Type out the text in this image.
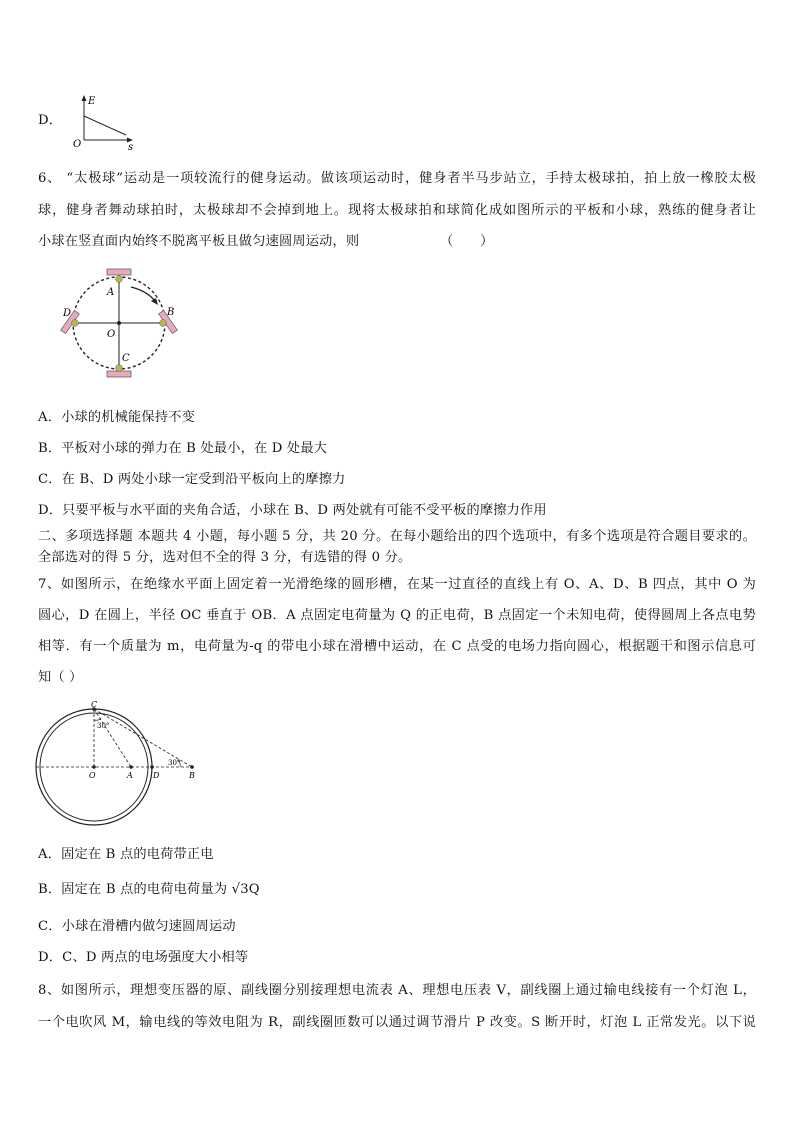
D．
E
s
O
6、 “太极球”运动是一项较流行的健身运动。做该项运动时，健身者半马步站立，手持太极球拍，拍上放一橡胶太极
球，健身者舞动球拍时，太极球却不会掉到地上。现将太极球拍和球简化成如图所示的平板和小球，熟练的健身者让
小球在竖直面内始终不脱离平板且做匀速圆周运动，则	（　　）
A
B
C
D
O
A．小球的机械能保持不变
B．平板对小球的弹力在 B 处最小，在 D 处最大
C．在 B、D 两处小球一定受到沿平板向上的摩擦力
D．只要平板与水平面的夹角合适，小球在 B、D 两处就有可能不受平板的摩擦力作用
二、多项选择题 本题共 4 小题，每小题 5 分，共 20 分。在每小题给出的四个选项中，有多个选项是符合题目要求的。
全部选对的得 5 分，选对但不全的得 3 分，有选错的得 0 分。
7、如图所示，在绝缘水平面上固定着一光滑绝缘的圆形槽，在某一过直径的直线上有 O、A、D、B 四点，其中 O 为
圆心，D 在圆上，半径 OC 垂直于 OB．A 点固定电荷量为 Q 的正电荷，B 点固定一个未知电荷，使得圆周上各点电势
相等．有一个质量为 m，电荷量为-q 的带电小球在滑槽中运动，在 C 点受的电场力指向圆心，根据题干和图示信息可
知（ ）
C
O	A	D	B
30°
30°
A．固定在 B 点的电荷带正电
B．固定在 B 点的电荷电荷量为 √3Q
C．小球在滑槽内做匀速圆周运动
D．C、D 两点的电场强度大小相等
8、如图所示，理想变压器的原、副线圈分别接理想电流表 A、理想电压表 V，副线圈上通过输电线接有一个灯泡 L，
一个电吹风 M，输电线的等效电阻为 R，副线圈匝数可以通过调节滑片 P 改变。S 断开时，灯泡 L 正常发光。以下说
